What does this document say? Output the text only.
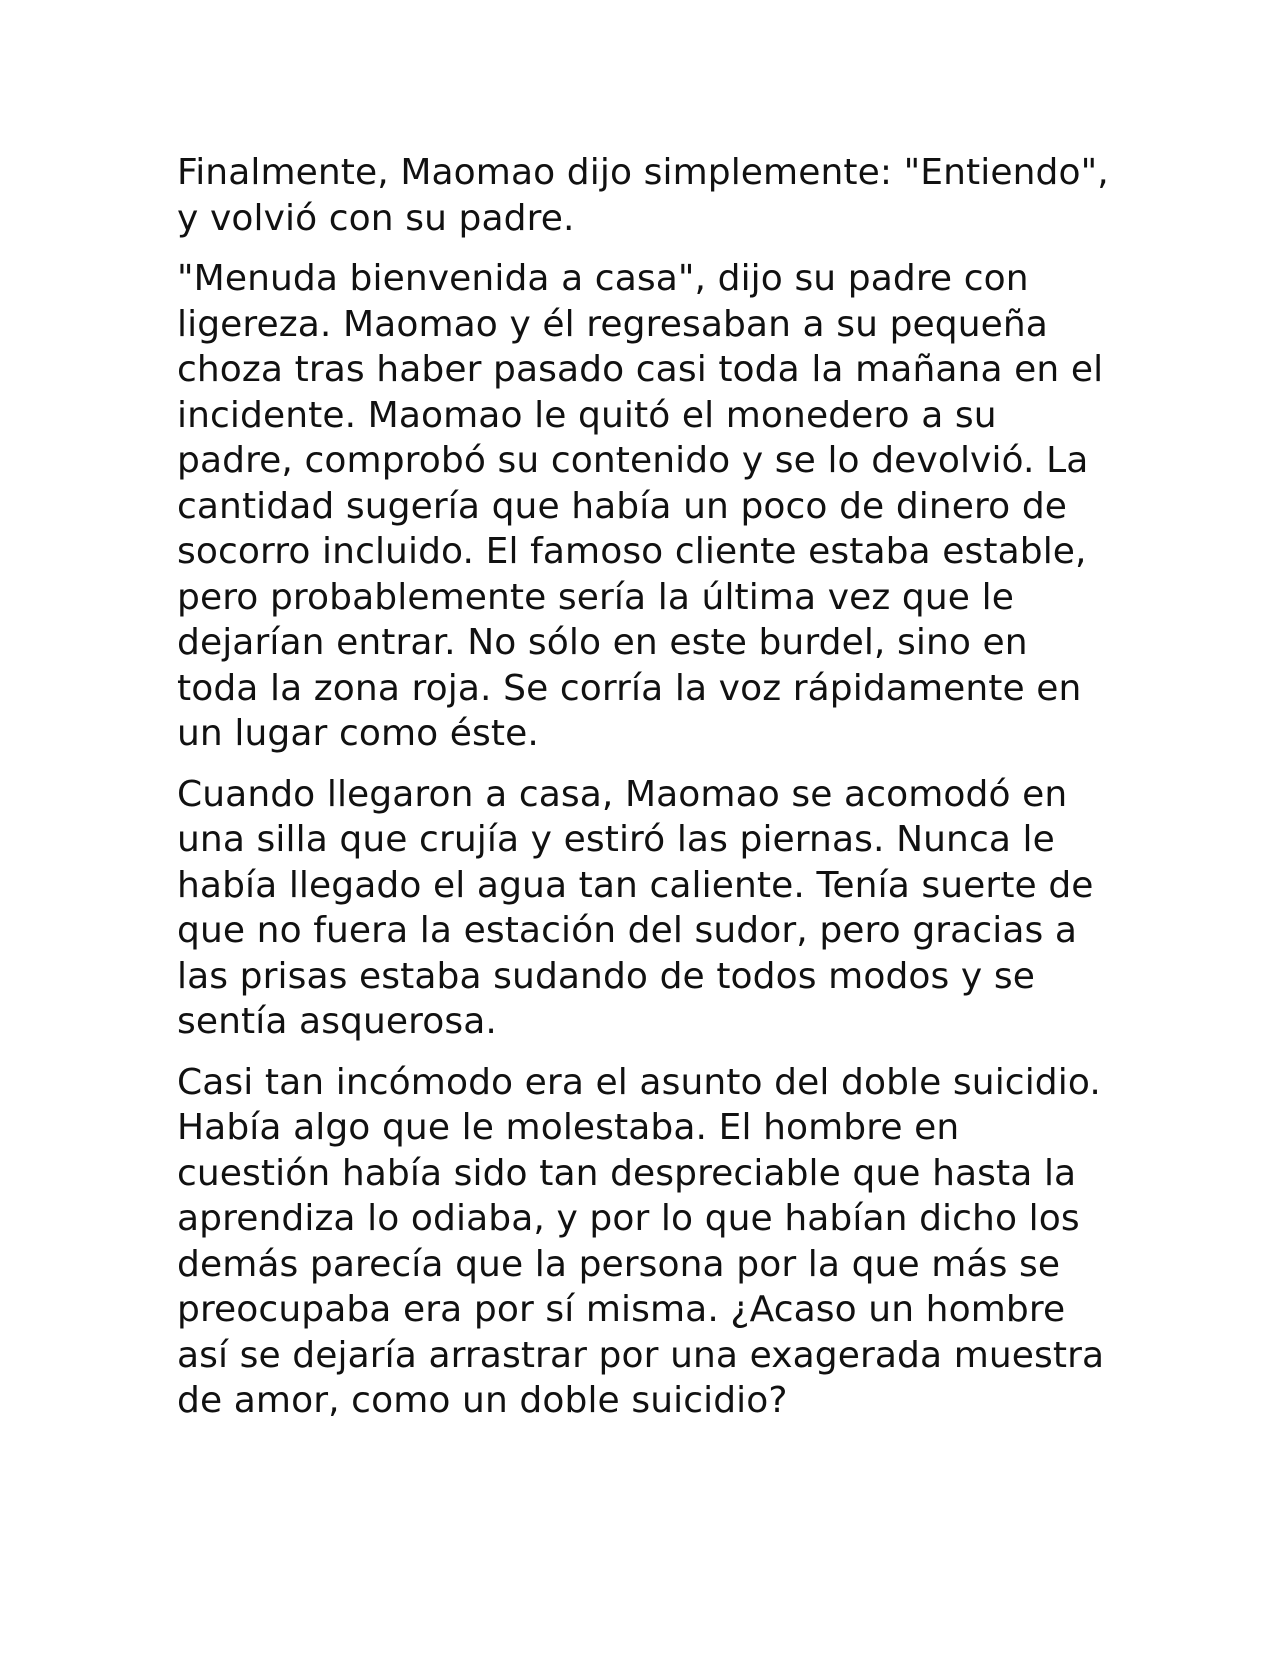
Finalmente, Maomao dijo simplemente: "Entiendo", y volvió con su padre.

"Menuda bienvenida a casa", dijo su padre con ligereza. Maomao y él regresaban a su pequeña choza tras haber pasado casi toda la mañana en el incidente. Maomao le quitó el monedero a su padre, comprobó su contenido y se lo devolvió. La cantidad sugería que había un poco de dinero de socorro incluido. El famoso cliente estaba estable, pero probablemente sería la última vez que le dejarían entrar. No sólo en este burdel, sino en toda la zona roja. Se corría la voz rápidamente en un lugar como éste.

Cuando llegaron a casa, Maomao se acomodó en una silla que crujía y estiró las piernas. Nunca le había llegado el agua tan caliente. Tenía suerte de que no fuera la estación del sudor, pero gracias a las prisas estaba sudando de todos modos y se sentía asquerosa.

Casi tan incómodo era el asunto del doble suicidio. Había algo que le molestaba. El hombre en cuestión había sido tan despreciable que hasta la aprendiza lo odiaba, y por lo que habían dicho los demás parecía que la persona por la que más se preocupaba era por sí misma. ¿Acaso un hombre así se dejaría arrastrar por una exagerada muestra de amor, como un doble suicidio?
